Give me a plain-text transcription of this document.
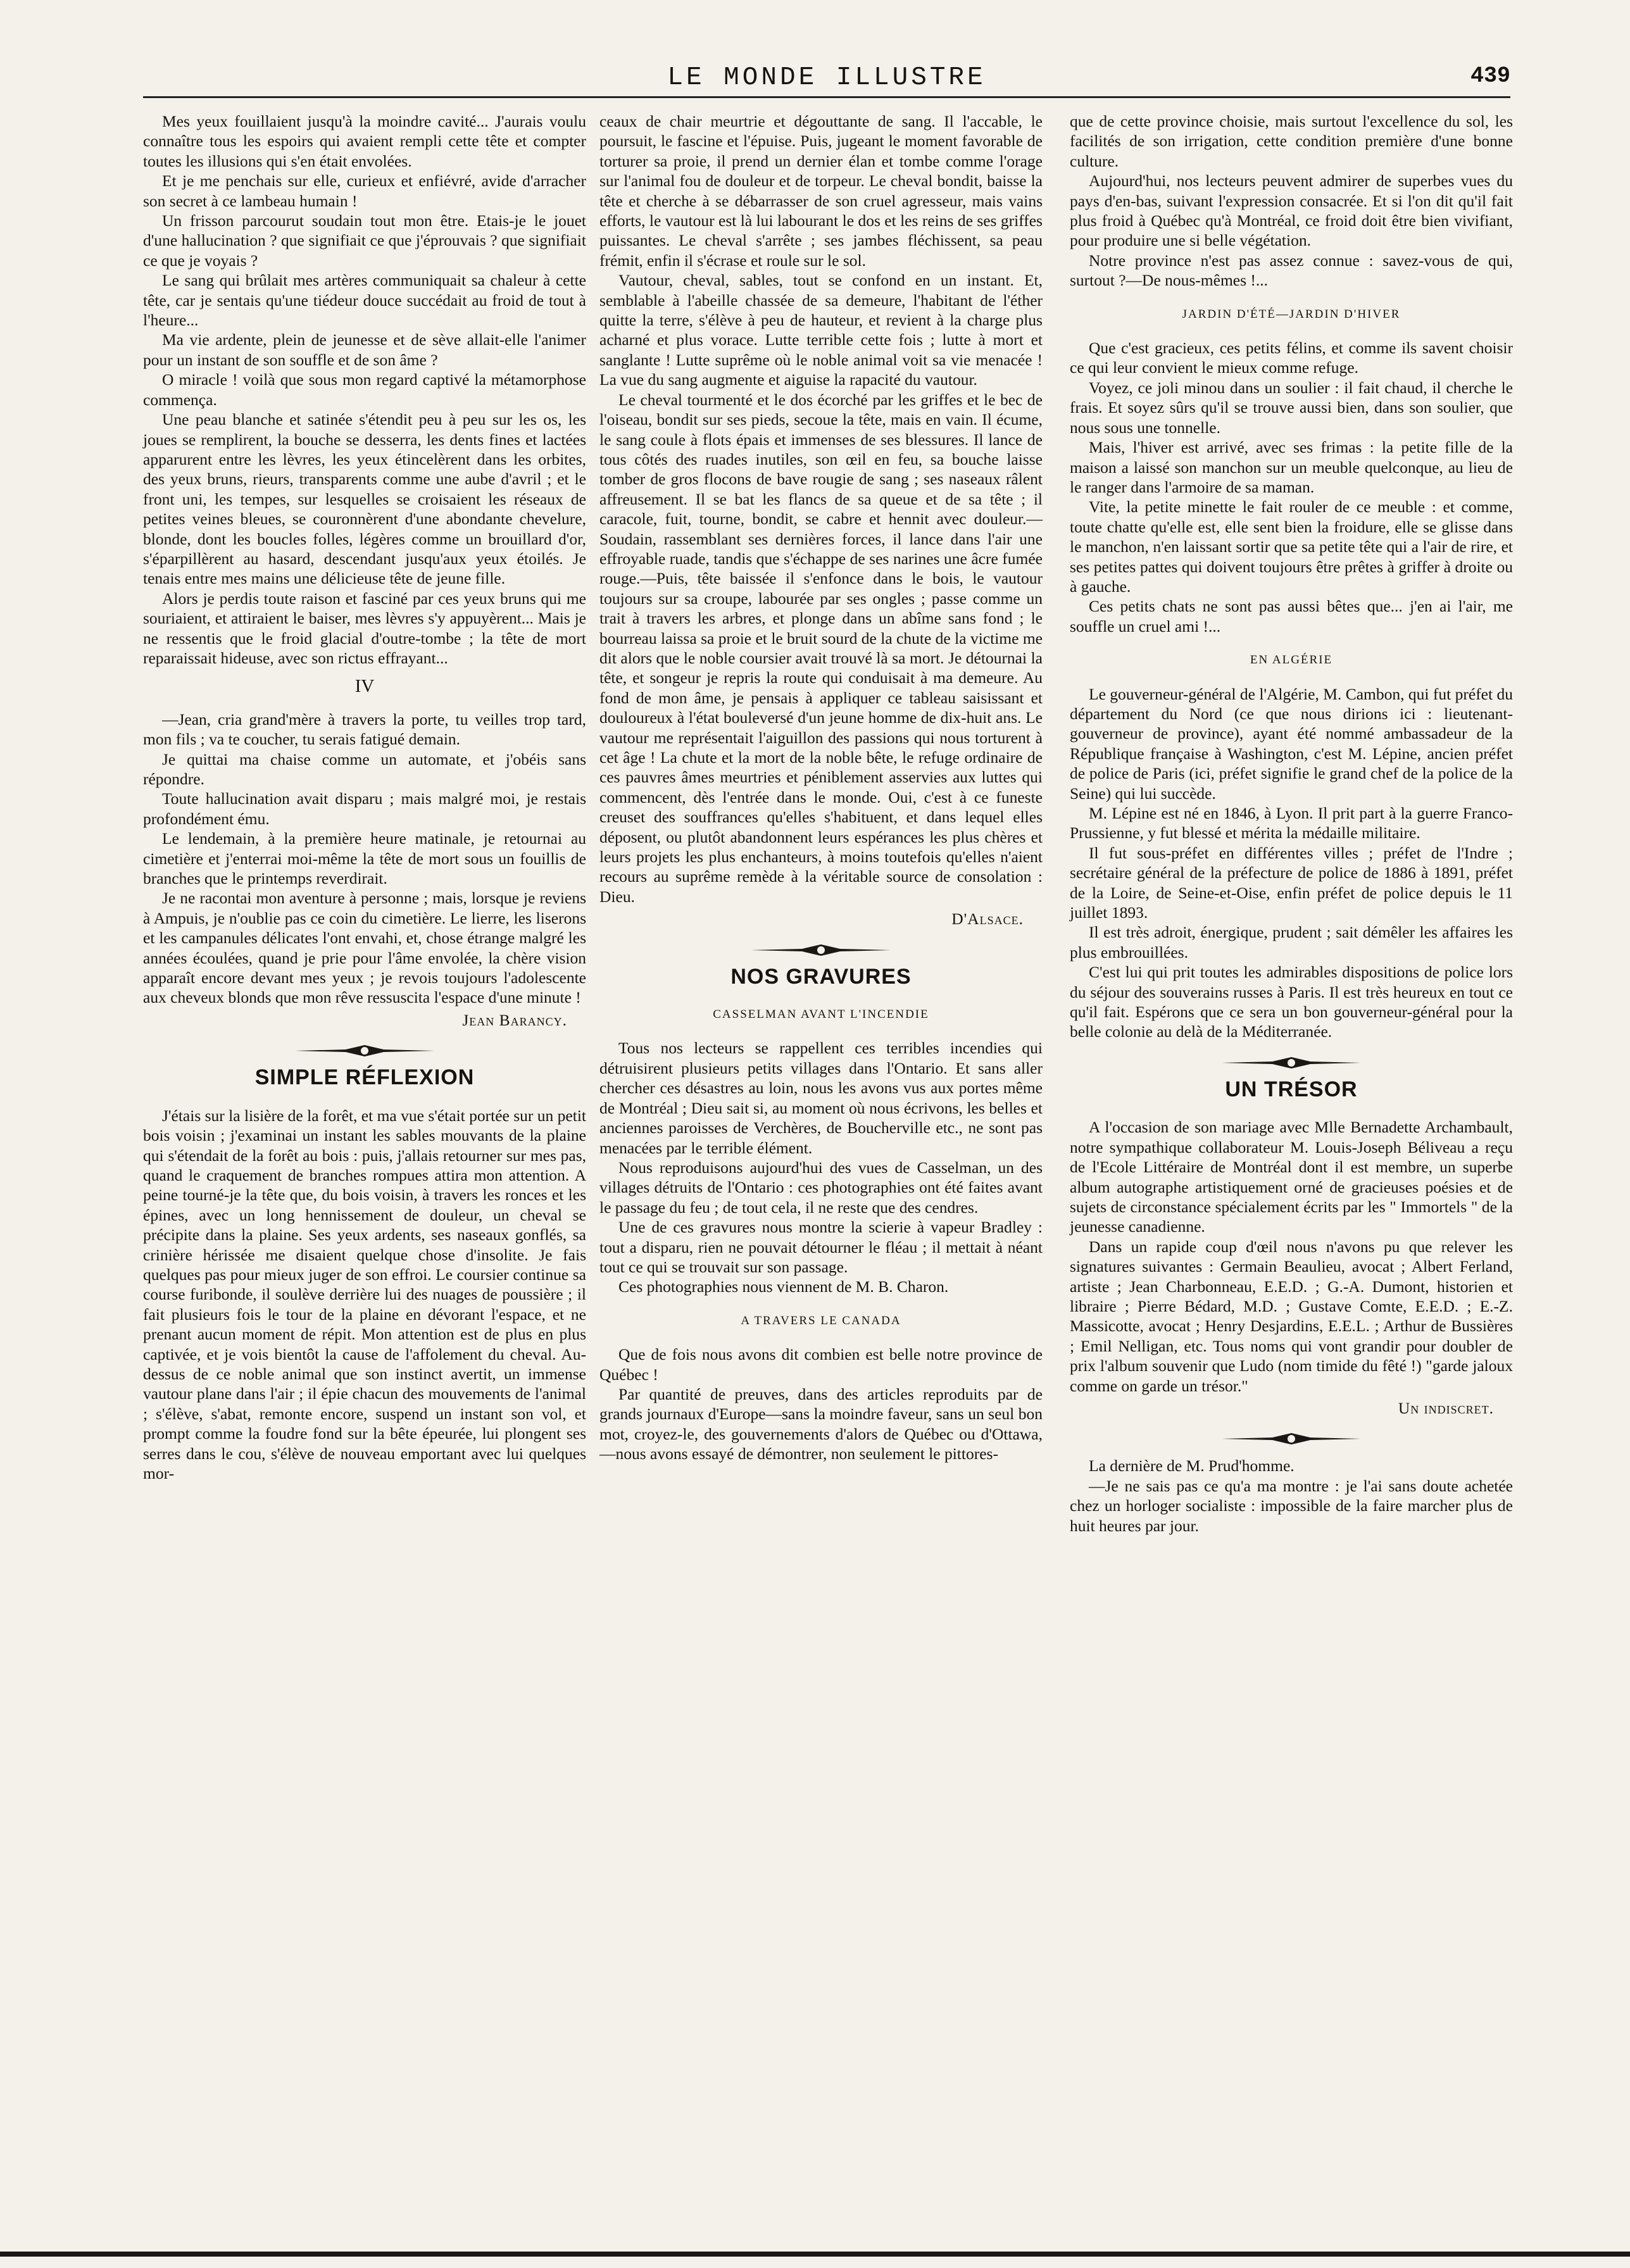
LE MONDE ILLUSTRE	439

Mes yeux fouillaient jusqu'à la moindre cavité... J'aurais voulu connaître tous les espoirs qui avaient rempli cette tête et compter toutes les illusions qui s'en était envolées.

Et je me penchais sur elle, curieux et enfiévré, avide d'arracher son secret à ce lambeau humain !

Un frisson parcourut soudain tout mon être. Etais-je le jouet d'une hallucination ? que signifiait ce que j'éprouvais ? que signifiait ce que je voyais ?

Le sang qui brûlait mes artères communiquait sa chaleur à cette tête, car je sentais qu'une tiédeur douce succédait au froid de tout à l'heure...

Ma vie ardente, plein de jeunesse et de sève allait-elle l'animer pour un instant de son souffle et de son âme ?

O miracle ! voilà que sous mon regard captivé la métamorphose commença.

Une peau blanche et satinée s'étendit peu à peu sur les os, les joues se remplirent, la bouche se desserra, les dents fines et lactées apparurent entre les lèvres, les yeux étincelèrent dans les orbites, des yeux bruns, rieurs, transparents comme une aube d'avril ; et le front uni, les tempes, sur lesquelles se croisaient les réseaux de petites veines bleues, se couronnèrent d'une abondante chevelure, blonde, dont les boucles folles, légères comme un brouillard d'or, s'éparpillèrent au hasard, descendant jusqu'aux yeux étoilés. Je tenais entre mes mains une délicieuse tête de jeune fille.

Alors je perdis toute raison et fasciné par ces yeux bruns qui me souriaient, et attiraient le baiser, mes lèvres s'y appuyèrent... Mais je ne ressentis que le froid glacial d'outre-tombe ; la tête de mort reparaissait hideuse, avec son rictus effrayant...

IV

—Jean, cria grand'mère à travers la porte, tu veilles trop tard, mon fils ; va te coucher, tu serais fatigué demain.

Je quittai ma chaise comme un automate, et j'obéis sans répondre.

Toute hallucination avait disparu ; mais malgré moi, je restais profondément ému.

Le lendemain, à la première heure matinale, je retournai au cimetière et j'enterrai moi-même la tête de mort sous un fouillis de branches que le printemps reverdirait.

Je ne racontai mon aventure à personne ; mais, lorsque je reviens à Ampuis, je n'oublie pas ce coin du cimetière. Le lierre, les liserons et les campanules délicates l'ont envahi, et, chose étrange malgré les années écoulées, quand je prie pour l'âme envolée, la chère vision apparaît encore devant mes yeux ; je revois toujours l'adolescente aux cheveux blonds que mon rêve ressuscita l'espace d'une minute !

Jean Barancy.
SIMPLE RÉFLEXION

J'étais sur la lisière de la forêt, et ma vue s'était portée sur un petit bois voisin ; j'examinai un instant les sables mouvants de la plaine qui s'étendait de la forêt au bois : puis, j'allais retourner sur mes pas, quand le craquement de branches rompues attira mon attention. A peine tourné-je la tête que, du bois voisin, à travers les ronces et les épines, avec un long hennissement de douleur, un cheval se précipite dans la plaine. Ses yeux ardents, ses naseaux gonflés, sa crinière hérissée me disaient quelque chose d'insolite. Je fais quelques pas pour mieux juger de son effroi. Le coursier continue sa course furibonde, il soulève derrière lui des nuages de poussière ; il fait plusieurs fois le tour de la plaine en dévorant l'espace, et ne prenant aucun moment de répit. Mon attention est de plus en plus captivée, et je vois bientôt la cause de l'affolement du cheval. Au-dessus de ce noble animal que son instinct avertit, un immense vautour plane dans l'air ; il épie chacun des mouvements de l'animal ; s'élève, s'abat, remonte encore, suspend un instant son vol, et prompt comme la foudre fond sur la bête épeurée, lui plongent ses serres dans le cou, s'élève de nouveau emportant avec lui quelques mor-

ceaux de chair meurtrie et dégouttante de sang. Il l'accable, le poursuit, le fascine et l'épuise. Puis, jugeant le moment favorable de torturer sa proie, il prend un dernier élan et tombe comme l'orage sur l'animal fou de douleur et de torpeur. Le cheval bondit, baisse la tête et cherche à se débarrasser de son cruel agresseur, mais vains efforts, le vautour est là lui labourant le dos et les reins de ses griffes puissantes. Le cheval s'arrête ; ses jambes fléchissent, sa peau frémit, enfin il s'écrase et roule sur le sol.

Vautour, cheval, sables, tout se confond en un instant. Et, semblable à l'abeille chassée de sa demeure, l'habitant de l'éther quitte la terre, s'élève à peu de hauteur, et revient à la charge plus acharné et plus vorace. Lutte terrible cette fois ; lutte à mort et sanglante ! Lutte suprême où le noble animal voit sa vie menacée ! La vue du sang augmente et aiguise la rapacité du vautour.

Le cheval tourmenté et le dos écorché par les griffes et le bec de l'oiseau, bondit sur ses pieds, secoue la tête, mais en vain. Il écume, le sang coule à flots épais et immenses de ses blessures. Il lance de tous côtés des ruades inutiles, son œil en feu, sa bouche laisse tomber de gros flocons de bave rougie de sang ; ses naseaux râlent affreusement. Il se bat les flancs de sa queue et de sa tête ; il caracole, fuit, tourne, bondit, se cabre et hennit avec douleur.—Soudain, rassemblant ses dernières forces, il lance dans l'air une effroyable ruade, tandis que s'échappe de ses narines une âcre fumée rouge.—Puis, tête baissée il s'enfonce dans le bois, le vautour toujours sur sa croupe, labourée par ses ongles ; passe comme un trait à travers les arbres, et plonge dans un abîme sans fond ; le bourreau laissa sa proie et le bruit sourd de la chute de la victime me dit alors que le noble coursier avait trouvé là sa mort. Je détournai la tête, et songeur je repris la route qui conduisait à ma demeure. Au fond de mon âme, je pensais à appliquer ce tableau saisissant et douloureux à l'état bouleversé d'un jeune homme de dix-huit ans. Le vautour me représentait l'aiguillon des passions qui nous torturent à cet âge ! La chute et la mort de la noble bête, le refuge ordinaire de ces pauvres âmes meurtries et péniblement asservies aux luttes qui commencent, dès l'entrée dans le monde. Oui, c'est à ce funeste creuset des souffrances qu'elles s'habituent, et dans lequel elles déposent, ou plutôt abandonnent leurs espérances les plus chères et leurs projets les plus enchanteurs, à moins toutefois qu'elles n'aient recours au suprême remède à la véritable source de consolation : Dieu.

D'Alsace.
NOS GRAVURES
CASSELMAN AVANT L'INCENDIE

Tous nos lecteurs se rappellent ces terribles incendies qui détruisirent plusieurs petits villages dans l'Ontario. Et sans aller chercher ces désastres au loin, nous les avons vus aux portes même de Montréal ; Dieu sait si, au moment où nous écrivons, les belles et anciennes paroisses de Verchères, de Boucherville etc., ne sont pas menacées par le terrible élément.

Nous reproduisons aujourd'hui des vues de Casselman, un des villages détruits de l'Ontario : ces photographies ont été faites avant le passage du feu ; de tout cela, il ne reste que des cendres.

Une de ces gravures nous montre la scierie à vapeur Bradley : tout a disparu, rien ne pouvait détourner le fléau ; il mettait à néant tout ce qui se trouvait sur son passage.

Ces photographies nous viennent de M. B. Charon.

A TRAVERS LE CANADA

Que de fois nous avons dit combien est belle notre province de Québec !

Par quantité de preuves, dans des articles reproduits par de grands journaux d'Europe—sans la moindre faveur, sans un seul bon mot, croyez-le, des gouvernements d'alors de Québec ou d'Ottawa,—nous avons essayé de démontrer, non seulement le pittores-

que de cette province choisie, mais surtout l'excellence du sol, les facilités de son irrigation, cette condition première d'une bonne culture.

Aujourd'hui, nos lecteurs peuvent admirer de superbes vues du pays d'en-bas, suivant l'expression consacrée. Et si l'on dit qu'il fait plus froid à Québec qu'à Montréal, ce froid doit être bien vivifiant, pour produire une si belle végétation.

Notre province n'est pas assez connue : savez-vous de qui, surtout ?—De nous-mêmes !...

JARDIN D'ÉTÉ—JARDIN D'HIVER

Que c'est gracieux, ces petits félins, et comme ils savent choisir ce qui leur convient le mieux comme refuge.

Voyez, ce joli minou dans un soulier : il fait chaud, il cherche le frais. Et soyez sûrs qu'il se trouve aussi bien, dans son soulier, que nous sous une tonnelle.

Mais, l'hiver est arrivé, avec ses frimas : la petite fille de la maison a laissé son manchon sur un meuble quelconque, au lieu de le ranger dans l'armoire de sa maman.

Vite, la petite minette le fait rouler de ce meuble : et comme, toute chatte qu'elle est, elle sent bien la froidure, elle se glisse dans le manchon, n'en laissant sortir que sa petite tête qui a l'air de rire, et ses petites pattes qui doivent toujours être prêtes à griffer à droite ou à gauche.

Ces petits chats ne sont pas aussi bêtes que... j'en ai l'air, me souffle un cruel ami !...

EN ALGÉRIE

Le gouverneur-général de l'Algérie, M. Cambon, qui fut préfet du département du Nord (ce que nous dirions ici : lieutenant-gouverneur de province), ayant été nommé ambassadeur de la République française à Washington, c'est M. Lépine, ancien préfet de police de Paris (ici, préfet signifie le grand chef de la police de la Seine) qui lui succède.

M. Lépine est né en 1846, à Lyon. Il prit part à la guerre Franco-Prussienne, y fut blessé et mérita la médaille militaire.

Il fut sous-préfet en différentes villes ; préfet de l'Indre ; secrétaire général de la préfecture de police de 1886 à 1891, préfet de la Loire, de Seine-et-Oise, enfin préfet de police depuis le 11 juillet 1893.

Il est très adroit, énergique, prudent ; sait démêler les affaires les plus embrouillées.

C'est lui qui prit toutes les admirables dispositions de police lors du séjour des souverains russes à Paris. Il est très heureux en tout ce qu'il fait. Espérons que ce sera un bon gouverneur-général pour la belle colonie au delà de la Méditerranée.

UN TRÉSOR

A l'occasion de son mariage avec Mlle Bernadette Archambault, notre sympathique collaborateur M. Louis-Joseph Béliveau a reçu de l'Ecole Littéraire de Montréal dont il est membre, un superbe album autographe artistiquement orné de gracieuses poésies et de sujets de circonstance spécialement écrits par les " Immortels " de la jeunesse canadienne.

Dans un rapide coup d'œil nous n'avons pu que relever les signatures suivantes : Germain Beaulieu, avocat ; Albert Ferland, artiste ; Jean Charbonneau, E.E.D. ; G.-A. Dumont, historien et libraire ; Pierre Bédard, M.D. ; Gustave Comte, E.E.D. ; E.-Z. Massicotte, avocat ; Henry Desjardins, E.E.L. ; Arthur de Bussières ; Emil Nelligan, etc. Tous noms qui vont grandir pour doubler de prix l'album souvenir que Ludo (nom timide du fêté !) "garde jaloux comme on garde un trésor."

Un indiscret.

La dernière de M. Prud'homme.

—Je ne sais pas ce qu'a ma montre : je l'ai sans doute achetée chez un horloger socialiste : impossible de la faire marcher plus de huit heures par jour.
